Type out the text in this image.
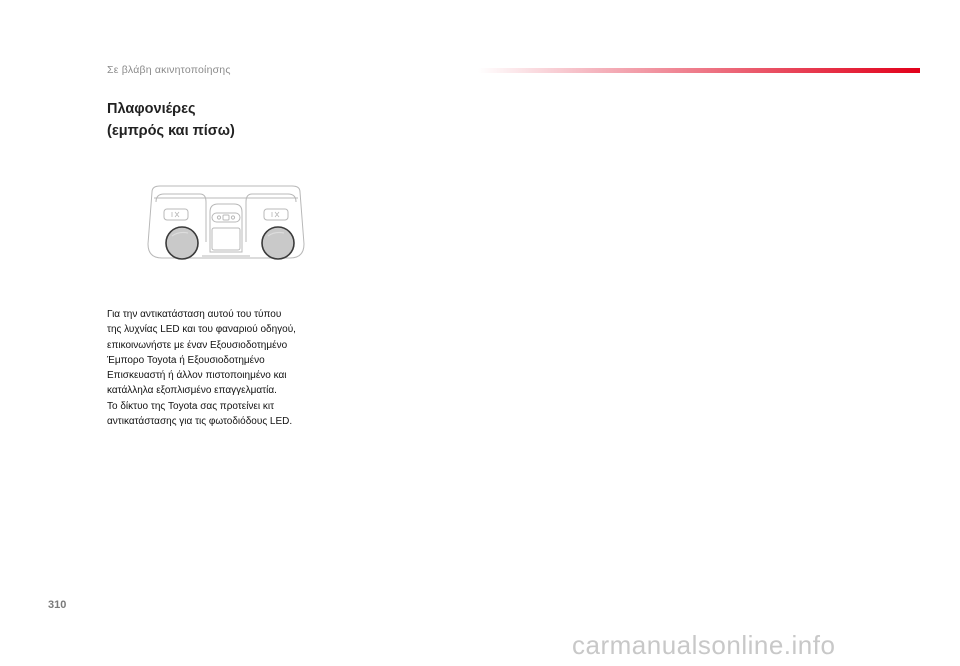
Σε βλάβη ακινητοποίησης
Πλαφονιέρες
(εμπρός και πίσω)

Για την αντικατάσταση αυτού του τύπου
της λυχνίας LED και του φαναριού οδηγού,
επικοινωνήστε με έναν Εξουσιοδοτημένο
Έμπορο Toyota ή Εξουσιοδοτημένο
Επισκευαστή ή άλλον πιστοποιημένο και
κατάλληλα εξοπλισμένο επαγγελματία.
Το δίκτυο της Toyota σας προτείνει κιτ
αντικατάστασης για τις φωτοδιόδους LED.

310
carmanualsonline.info
